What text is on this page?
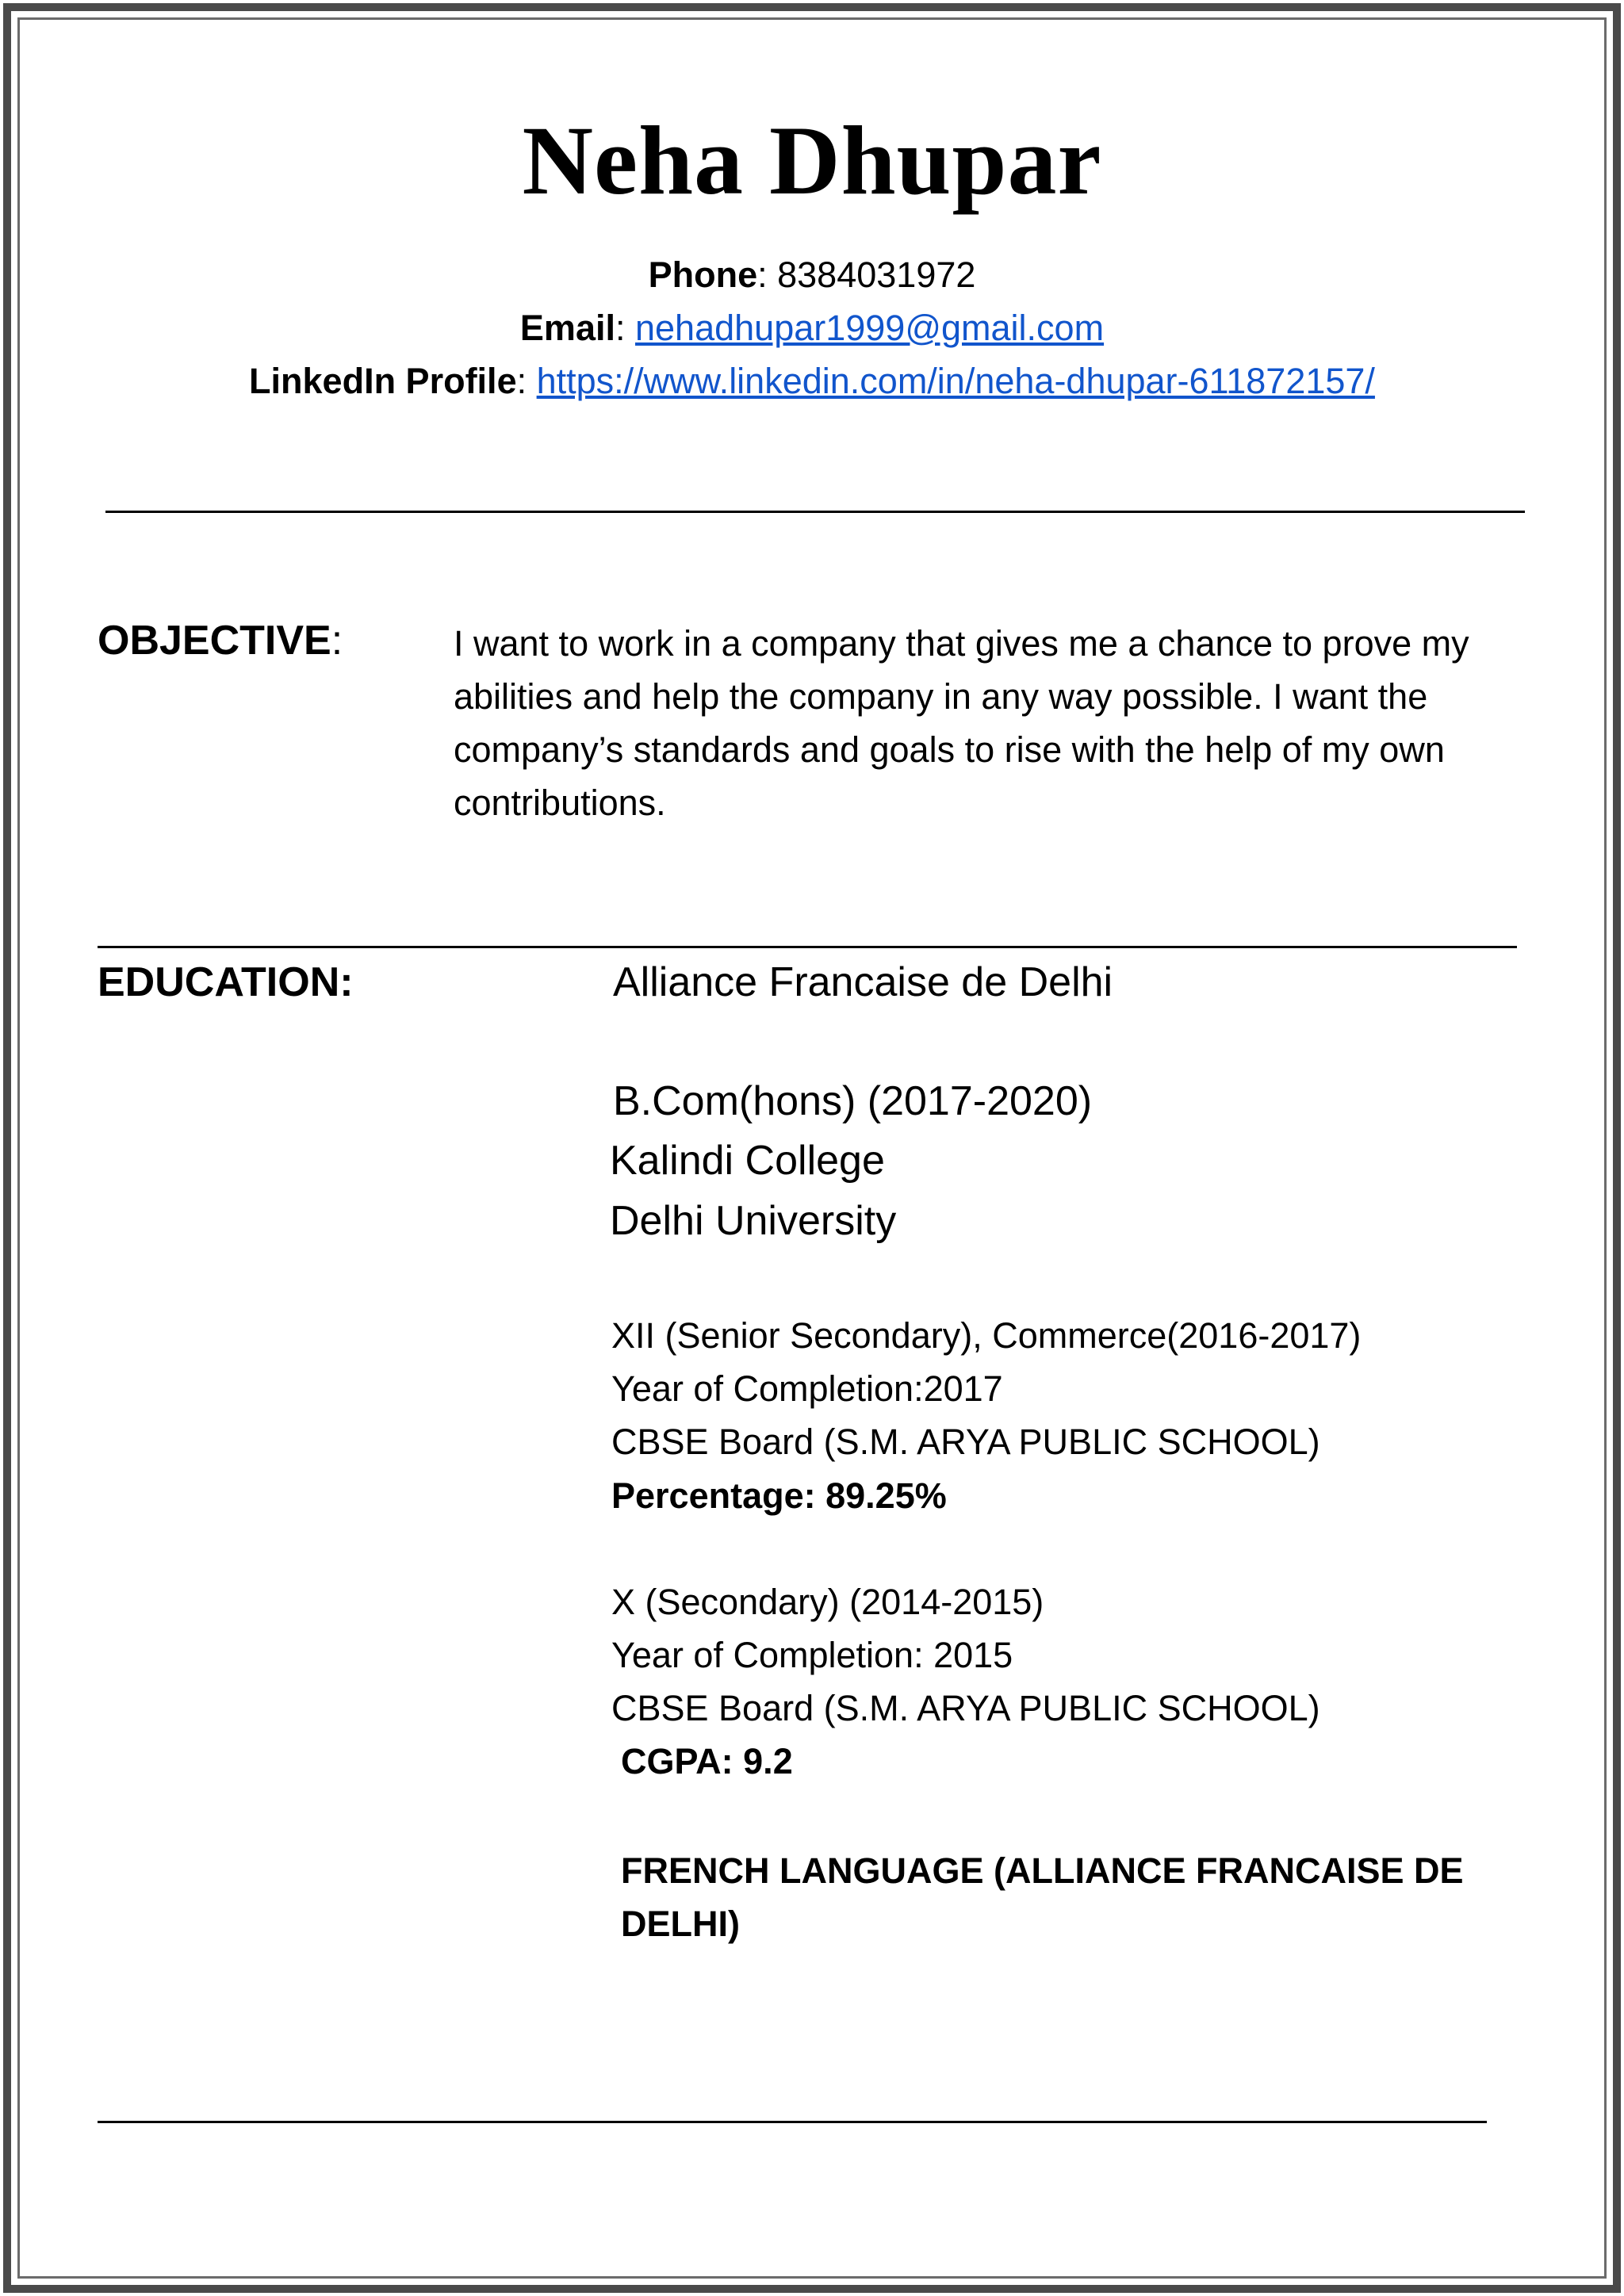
Neha Dhupar
Phone: 8384031972
Email: nehadhupar1999@gmail.com
LinkedIn Profile: https://www.linkedin.com/in/neha-dhupar-611872157/
OBJECTIVE:	I want to work in a company that gives me a chance to prove my abilities and help the company in any way possible. I want the company’s standards and goals to rise with the help of my own contributions.
EDUCATION:	Alliance Francaise de Delhi
B.Com(hons) (2017-2020)
Kalindi College
Delhi University
XII (Senior Secondary), Commerce(2016-2017)
Year of Completion:2017
CBSE Board (S.M. ARYA PUBLIC SCHOOL)
Percentage: 89.25%
X (Secondary) (2014-2015)
Year of Completion: 2015
CBSE Board (S.M. ARYA PUBLIC SCHOOL)
CGPA: 9.2
FRENCH LANGUAGE (ALLIANCE FRANCAISE DE DELHI)
